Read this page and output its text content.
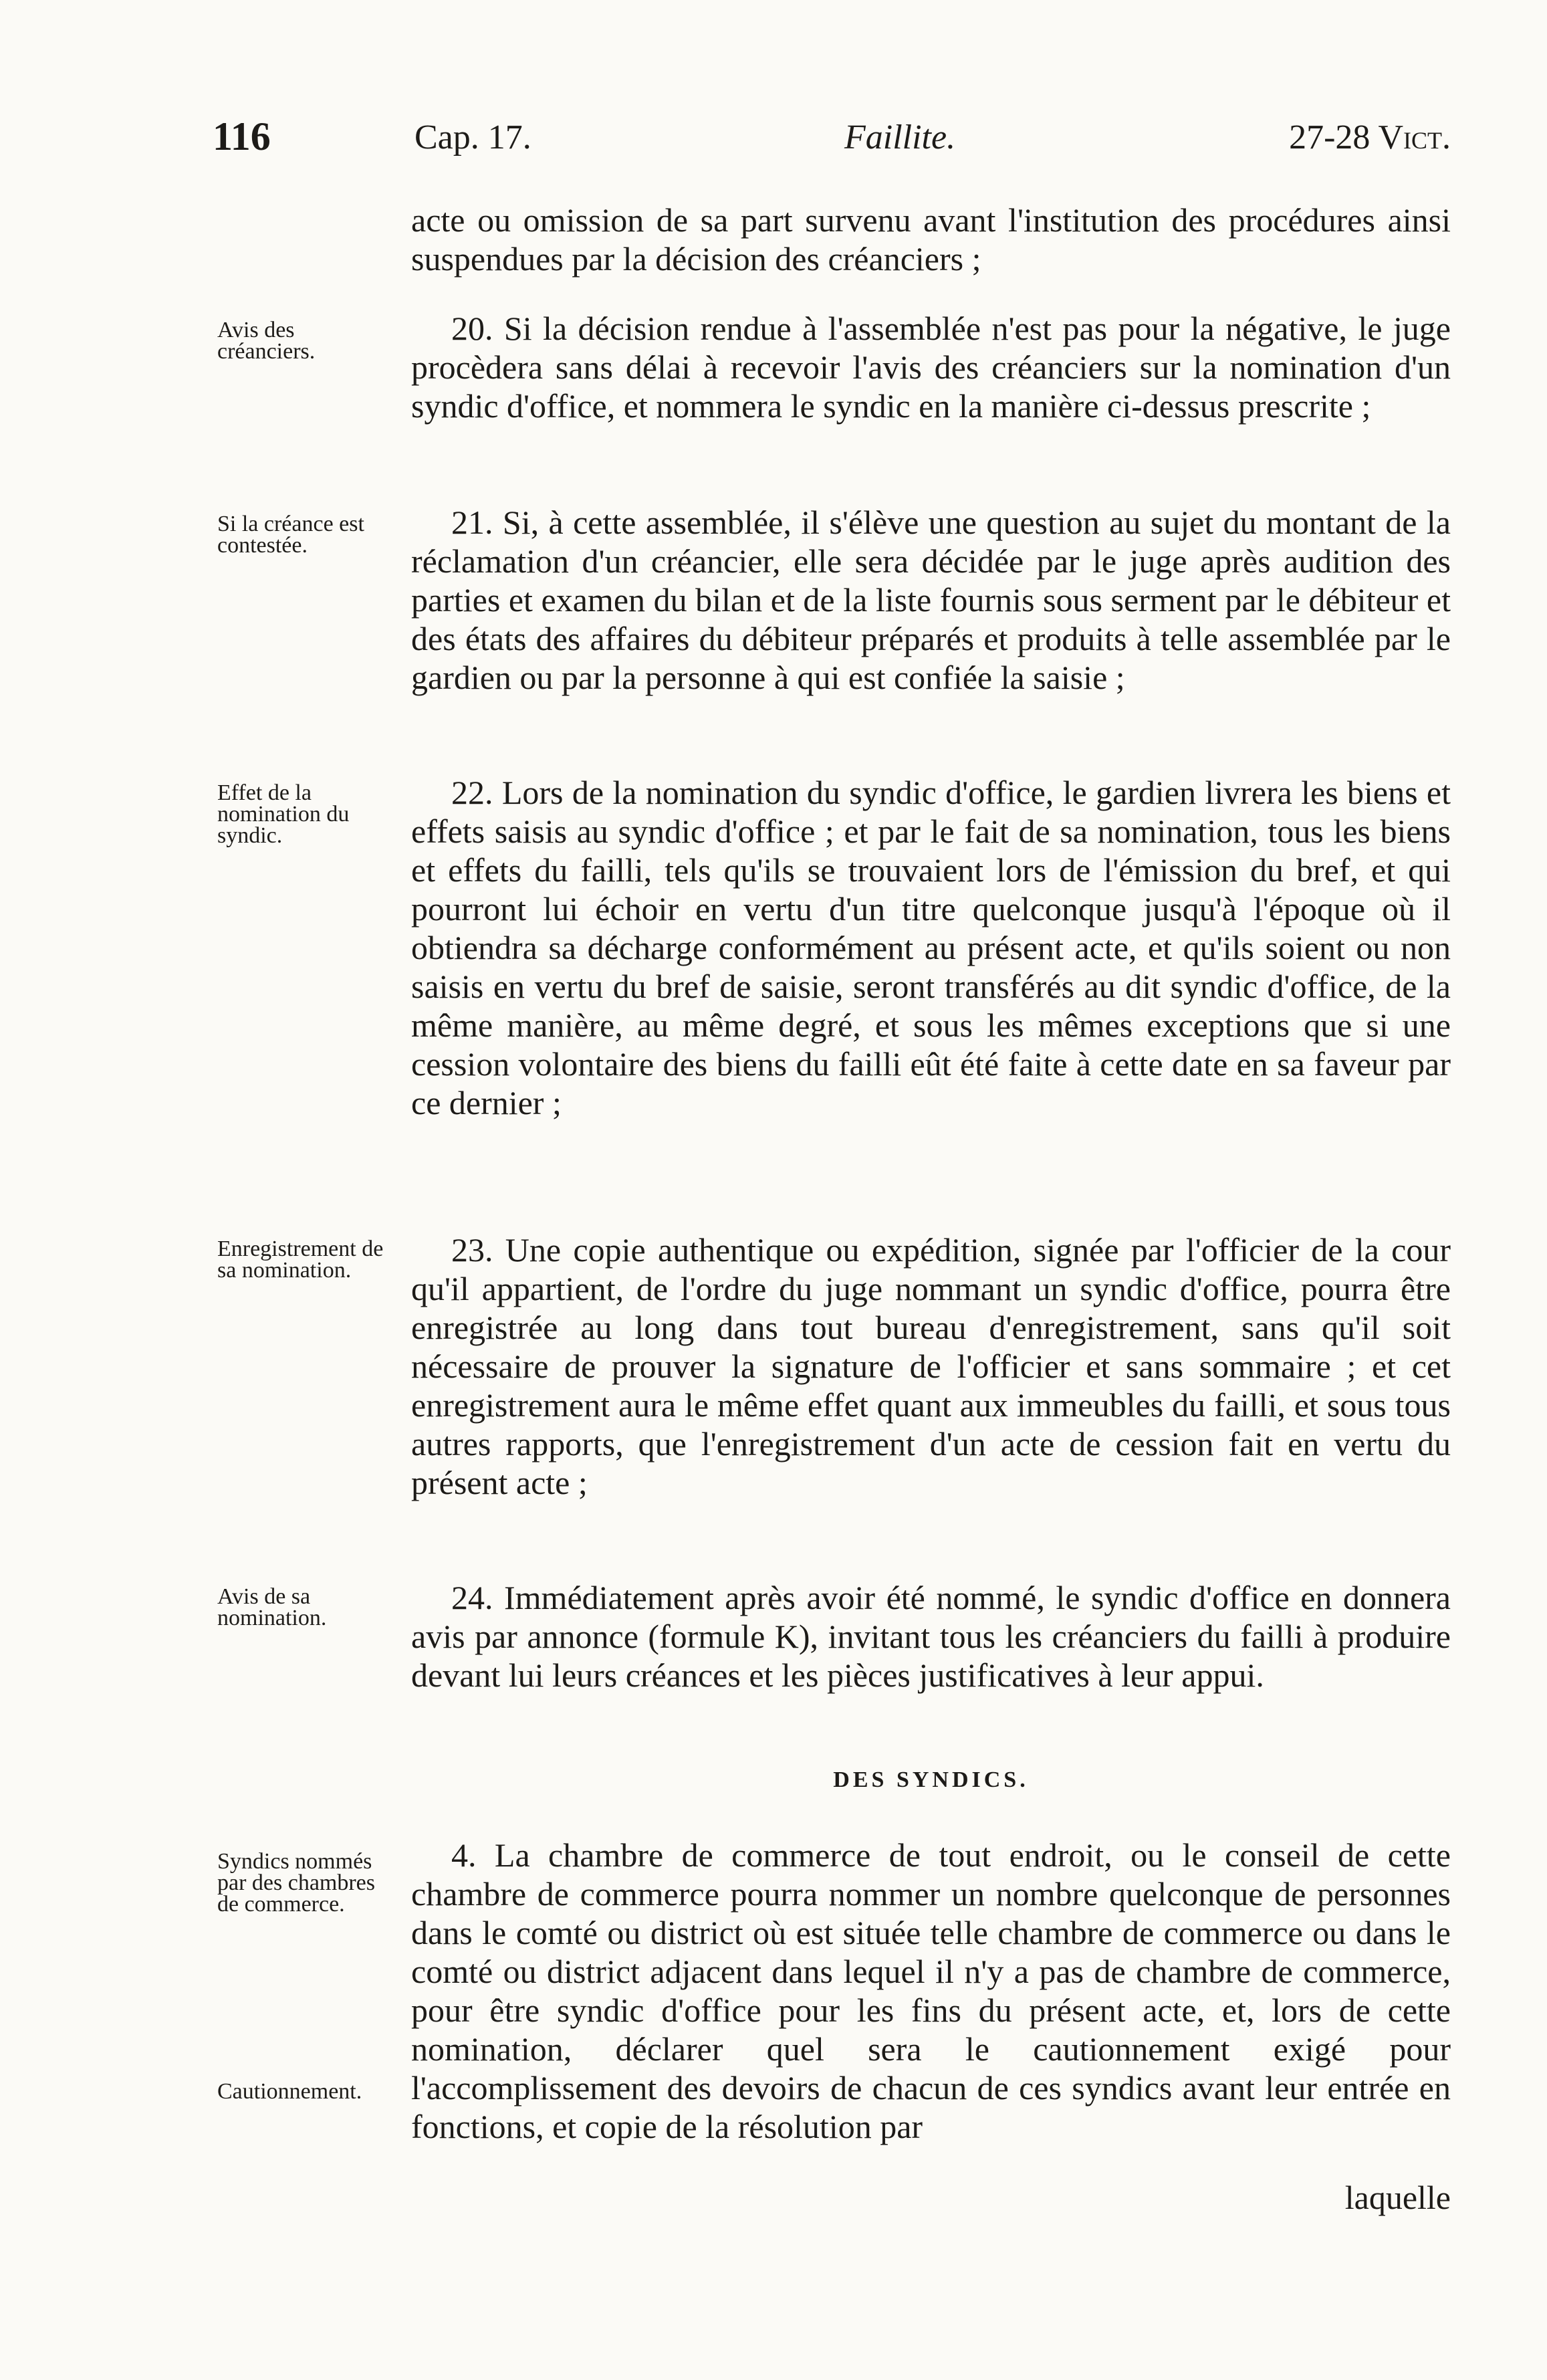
116	Cap. 17.	Faillite.	27-28 Vict.
acte ou omission de sa part survenu avant l'institution des procédures ainsi suspendues par la décision des créanciers ;
Avis des créanciers.
20. Si la décision rendue à l'assemblée n'est pas pour la négative, le juge procèdera sans délai à recevoir l'avis des créanciers sur la nomination d'un syndic d'office, et nommera le syndic en la manière ci-dessus prescrite ;
Si la créance est contestée.
21. Si, à cette assemblée, il s'élève une question au sujet du montant de la réclamation d'un créancier, elle sera décidée par le juge après audition des parties et examen du bilan et de la liste fournis sous serment par le débiteur et des états des affaires du débiteur préparés et produits à telle assemblée par le gardien ou par la personne à qui est confiée la saisie ;
Effet de la nomination du syndic.
22. Lors de la nomination du syndic d'office, le gardien livrera les biens et effets saisis au syndic d'office ; et par le fait de sa nomination, tous les biens et effets du failli, tels qu'ils se trouvaient lors de l'émission du bref, et qui pourront lui échoir en vertu d'un titre quelconque jusqu'à l'époque où il obtiendra sa décharge conformément au présent acte, et qu'ils soient ou non saisis en vertu du bref de saisie, seront transférés au dit syndic d'office, de la même manière, au même degré, et sous les mêmes exceptions que si une cession volontaire des biens du failli eût été faite à cette date en sa faveur par ce dernier ;
Enregistrement de sa nomination.
23. Une copie authentique ou expédition, signée par l'officier de la cour qu'il appartient, de l'ordre du juge nommant un syndic d'office, pourra être enregistrée au long dans tout bureau d'enregistrement, sans qu'il soit nécessaire de prouver la signature de l'officier et sans sommaire ; et cet enregistrement aura le même effet quant aux immeubles du failli, et sous tous autres rapports, que l'enregistrement d'un acte de cession fait en vertu du présent acte ;
Avis de sa nomination.
24. Immédiatement après avoir été nommé, le syndic d'office en donnera avis par annonce (formule K), invitant tous les créanciers du failli à produire devant lui leurs créances et les pièces justificatives à leur appui.
DES SYNDICS.
Syndics nommés par des chambres de commerce.
Cautionnement.
4. La chambre de commerce de tout endroit, ou le conseil de cette chambre de commerce pourra nommer un nombre quelconque de personnes dans le comté ou district où est située telle chambre de commerce ou dans le comté ou district adjacent dans lequel il n'y a pas de chambre de commerce, pour être syndic d'office pour les fins du présent acte, et, lors de cette nomination, déclarer quel sera le cautionnement exigé pour l'accomplissement des devoirs de chacun de ces syndics avant leur entrée en fonctions, et copie de la résolution par
laquelle
